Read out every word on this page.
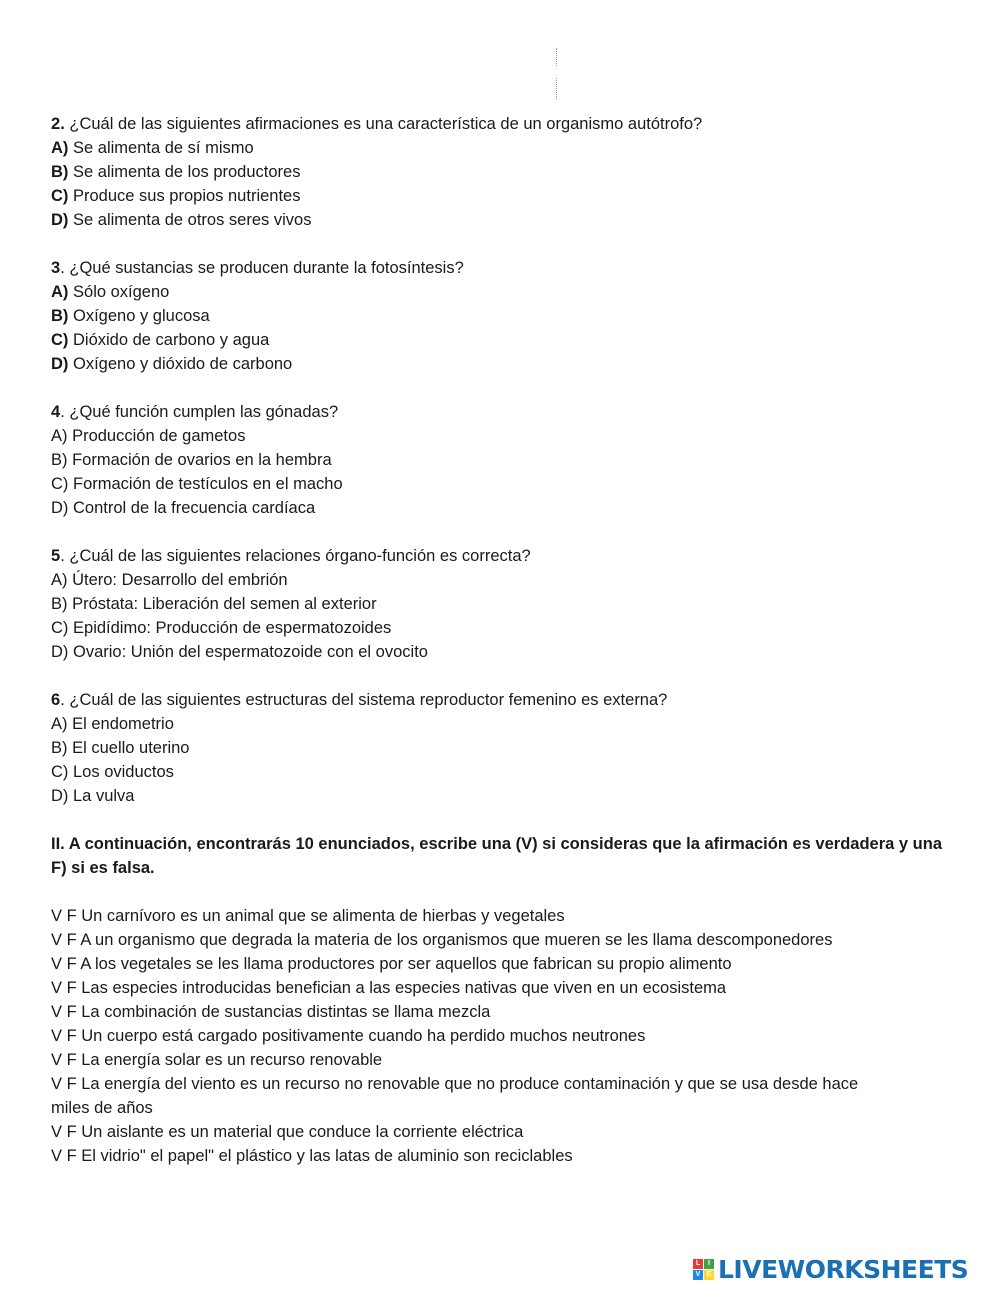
2. ¿Cuál de las siguientes afirmaciones es una característica de un organismo autótrofo?
A) Se alimenta de sí mismo
B) Se alimenta de los productores
C) Produce sus propios nutrientes
D) Se alimenta de otros seres vivos
3. ¿Qué sustancias se producen durante la fotosíntesis?
A) Sólo oxígeno
B) Oxígeno y glucosa
C) Dióxido de carbono y agua
D) Oxígeno y dióxido de carbono
4. ¿Qué función cumplen las gónadas?
A) Producción de gametos
B) Formación de ovarios en la hembra
C) Formación de testículos en el macho
D) Control de la frecuencia cardíaca
5. ¿Cuál de las siguientes relaciones órgano-función es correcta?
A) Útero: Desarrollo del embrión
B) Próstata: Liberación del semen al exterior
C) Epidídimo: Producción de espermatozoides
D) Ovario: Unión del espermatozoide con el ovocito
6. ¿Cuál de las siguientes estructuras del sistema reproductor femenino es externa?
A) El endometrio
B) El cuello uterino
C) Los oviductos
D) La vulva
II. A continuación, encontrarás 10 enunciados, escribe una (V) si consideras que la afirmación es verdadera y una F) si es falsa.
V F Un carnívoro es un animal que se alimenta de hierbas y vegetales
V F A un organismo que degrada la materia de los organismos que mueren se les llama descomponedores
V F A los vegetales se les llama productores por ser aquellos que fabrican su propio alimento
V F Las especies introducidas benefician a las especies nativas que viven en un ecosistema
V F La combinación de sustancias distintas se llama mezcla
V F Un cuerpo está cargado positivamente cuando ha perdido muchos neutrones
V F La energía solar es un recurso renovable
V F La energía del viento es un recurso no renovable que no produce contaminación y que se usa desde hace
miles de años
V F Un aislante es un material que conduce la corriente eléctrica
V F El vidrio" el papel" el plástico y las latas de aluminio son reciclables
L	I
V E LIVEWORKSHEETS
